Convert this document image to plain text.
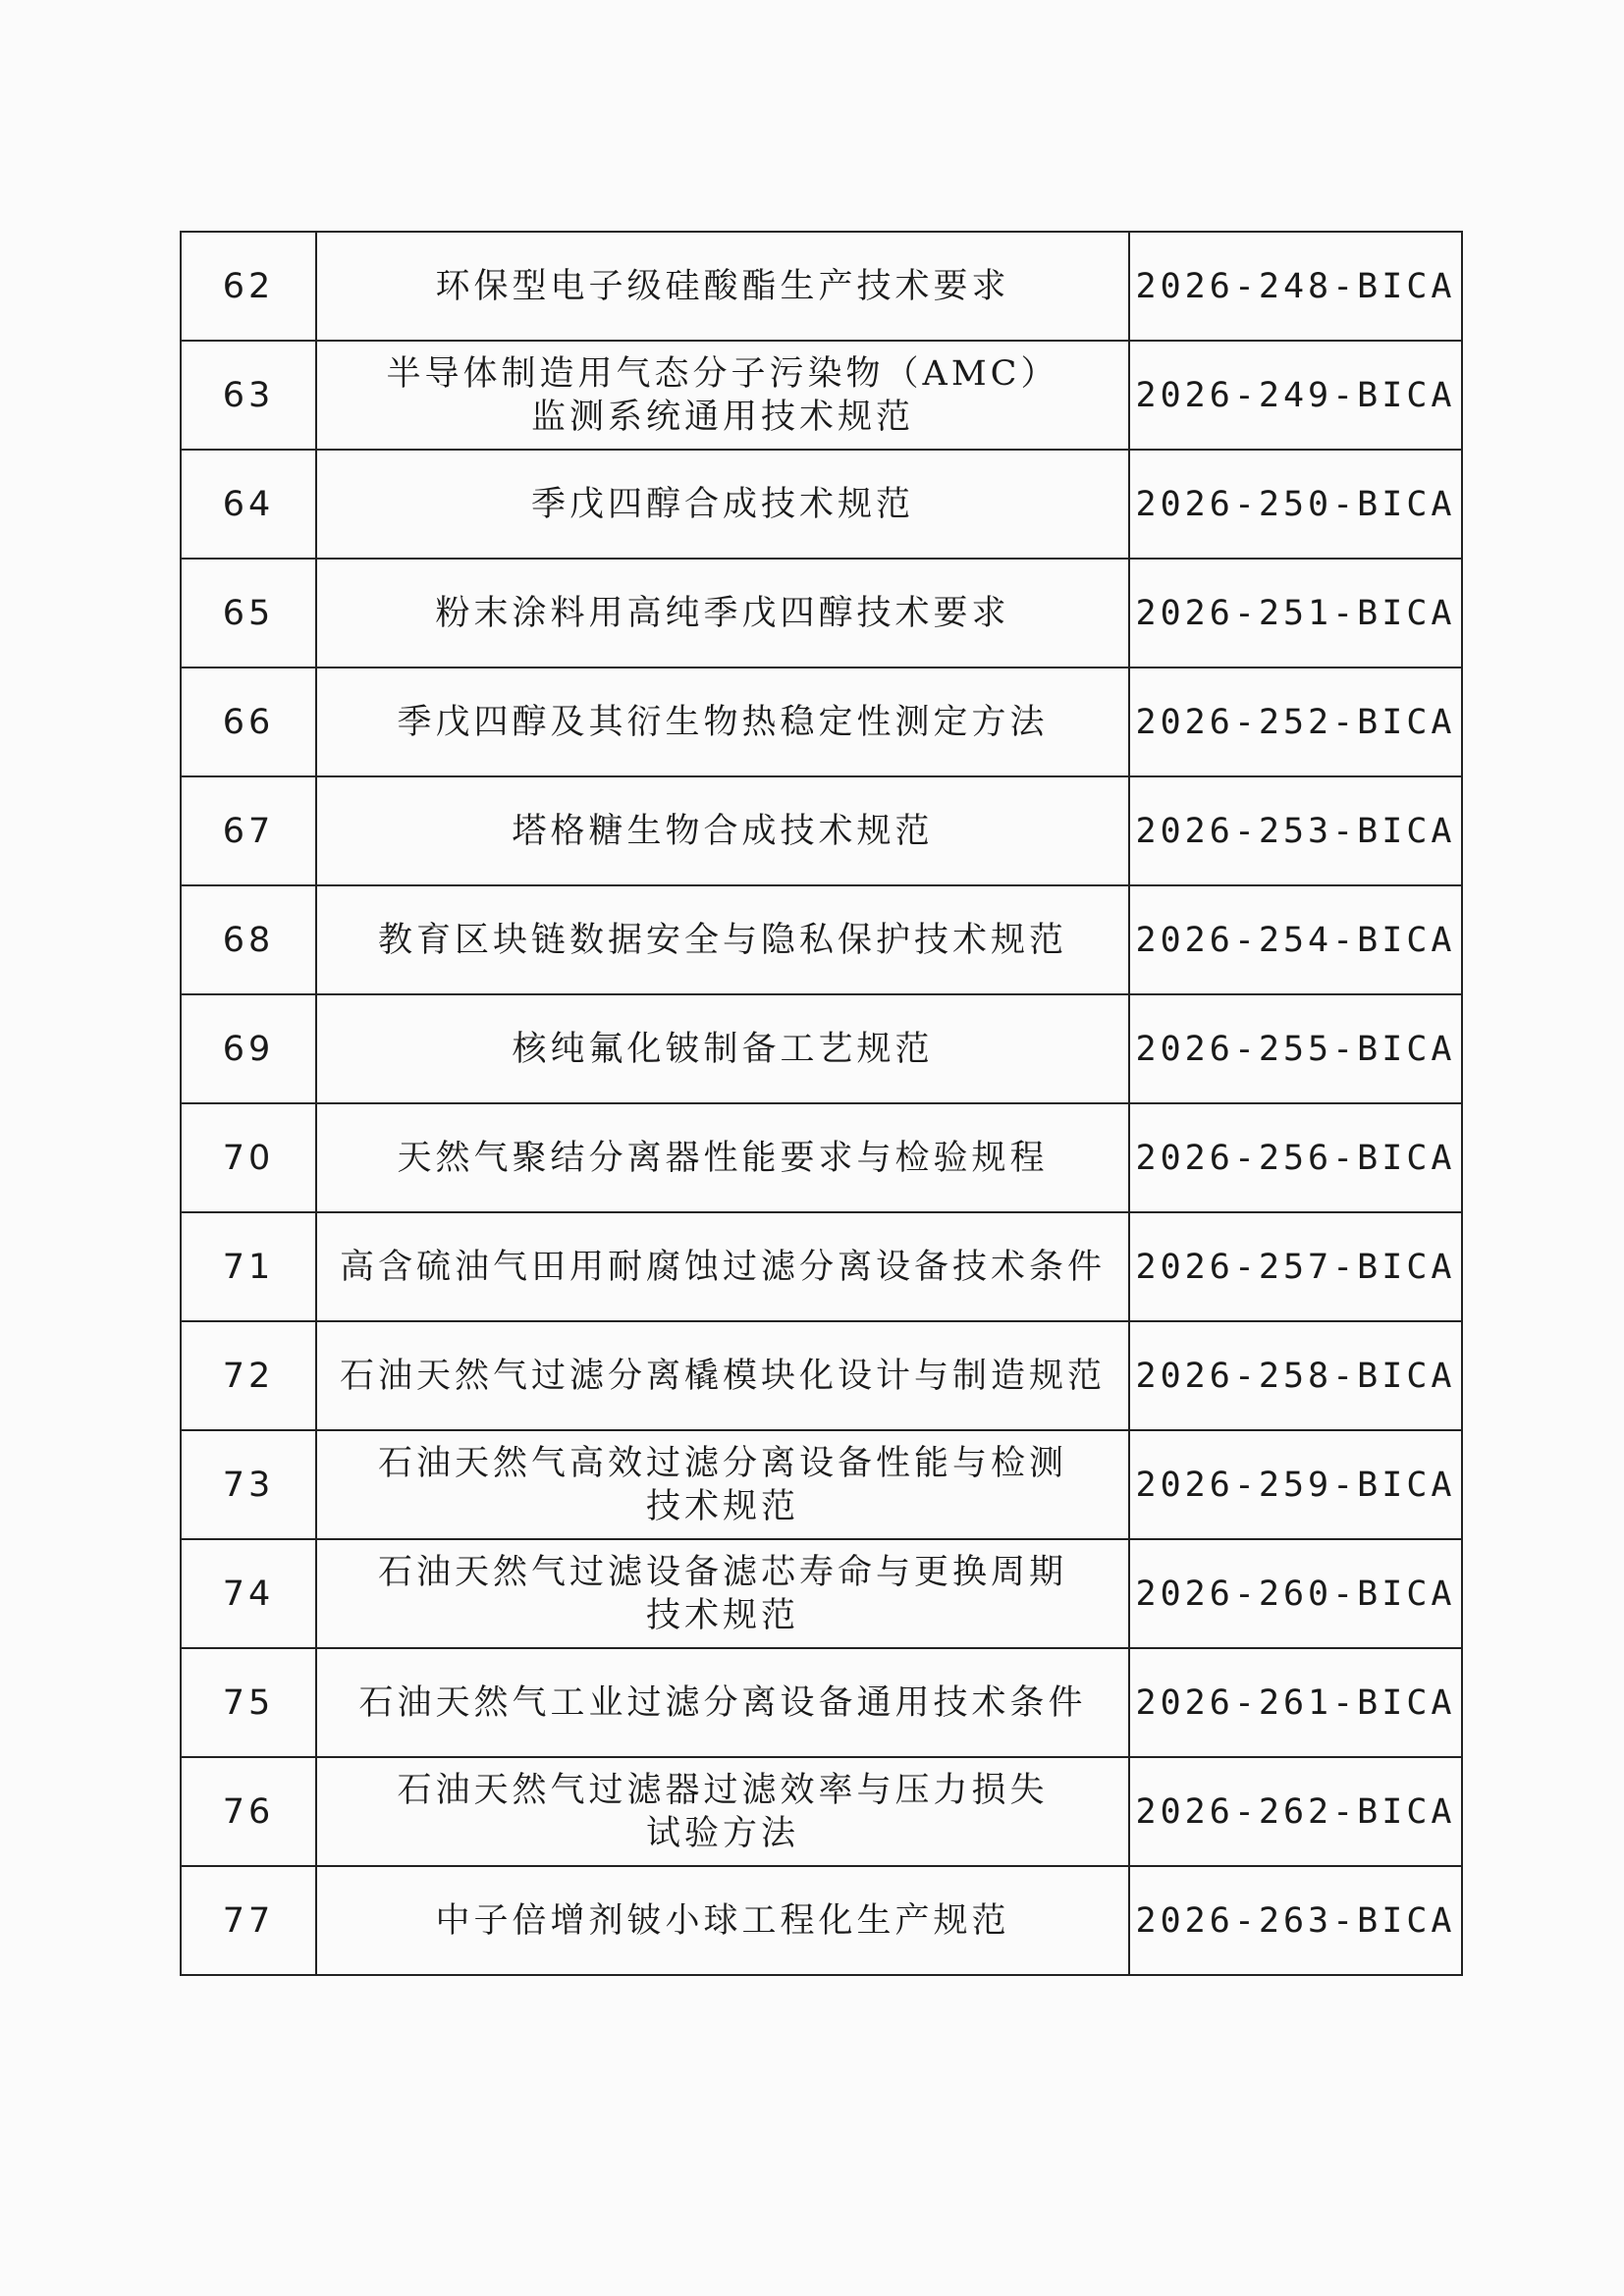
62	环保型电子级硅酸酯生产技术要求	2026-248-BICA
63	半导体制造用气态分子污染物（AMC）
监测系统通用技术规范	2026-249-BICA
64	季戊四醇合成技术规范	2026-250-BICA
65	粉末涂料用高纯季戊四醇技术要求	2026-251-BICA
66	季戊四醇及其衍生物热稳定性测定方法	2026-252-BICA
67	塔格糖生物合成技术规范	2026-253-BICA
68	教育区块链数据安全与隐私保护技术规范	2026-254-BICA
69	核纯氟化铍制备工艺规范	2026-255-BICA
70	天然气聚结分离器性能要求与检验规程	2026-256-BICA
71	高含硫油气田用耐腐蚀过滤分离设备技术条件	2026-257-BICA
72	石油天然气过滤分离橇模块化设计与制造规范	2026-258-BICA
73	石油天然气高效过滤分离设备性能与检测
技术规范	2026-259-BICA
74	石油天然气过滤设备滤芯寿命与更换周期
技术规范	2026-260-BICA
75	石油天然气工业过滤分离设备通用技术条件	2026-261-BICA
76	石油天然气过滤器过滤效率与压力损失
试验方法	2026-262-BICA
77	中子倍增剂铍小球工程化生产规范	2026-263-BICA
